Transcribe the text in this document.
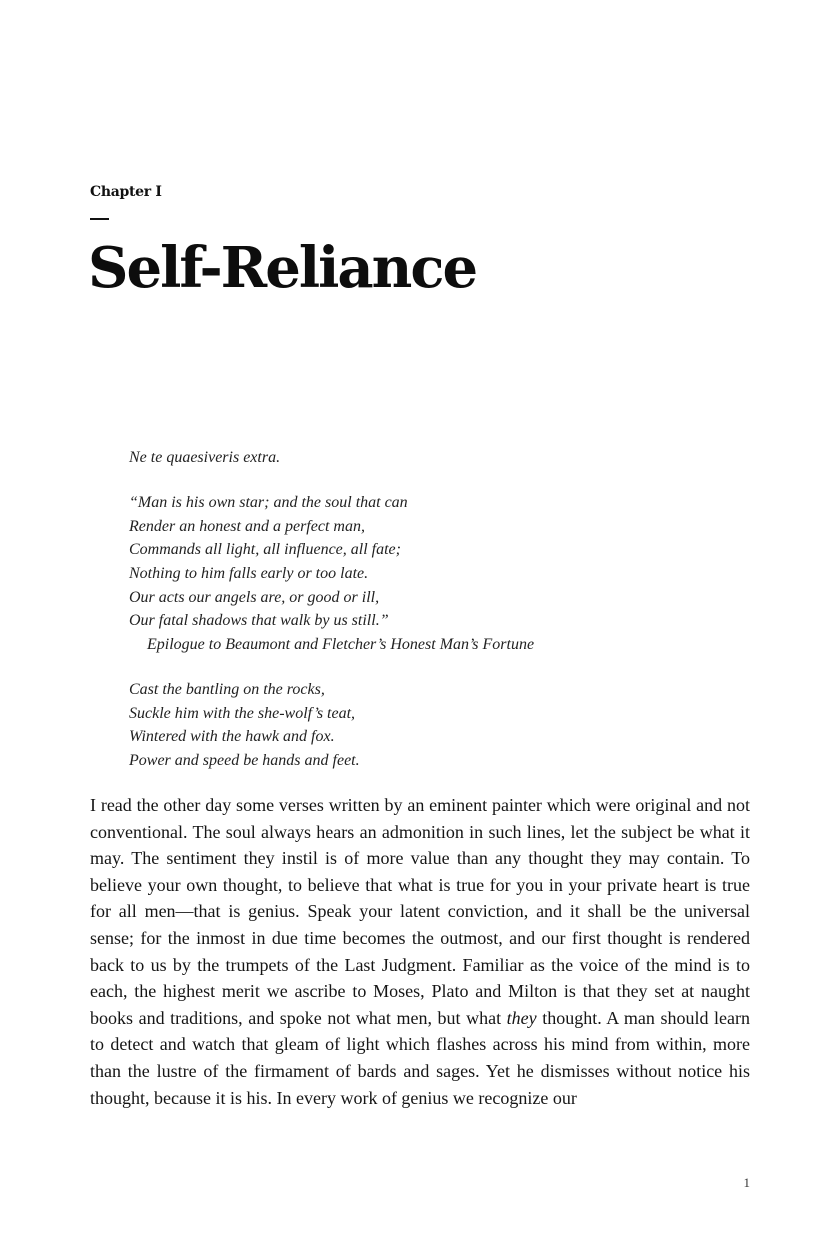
Chapter I
Self-Reliance
Ne te quaesiveris extra.
“Man is his own star; and the soul that can
Render an honest and a perfect man,
Commands all light, all influence, all fate;
Nothing to him falls early or too late.
Our acts our angels are, or good or ill,
Our fatal shadows that walk by us still.”
Epilogue to Beaumont and Fletcher’s Honest Man’s Fortune
Cast the bantling on the rocks,
Suckle him with the she-wolf’s teat,
Wintered with the hawk and fox.
Power and speed be hands and feet.

I read the other day some verses written by an eminent painter which were original and not conventional. The soul always hears an admonition in such lines, let the subject be what it may. The sentiment they instil is of more value than any thought they may contain. To believe your own thought, to believe that what is true for you in your private heart is true for all men—that is genius. Speak your latent conviction, and it shall be the universal sense; for the inmost in due time becomes the outmost, and our first thought is rendered back to us by the trumpets of the Last Judgment. Familiar as the voice of the mind is to each, the highest merit we ascribe to Moses, Plato and Milton is that they set at naught books and traditions, and spoke not what men, but what they thought. A man should learn to detect and watch that gleam of light which flashes across his mind from within, more than the lustre of the firmament of bards and sages. Yet he dismisses without notice his thought, because it is his. In every work of genius we recognize our

1
